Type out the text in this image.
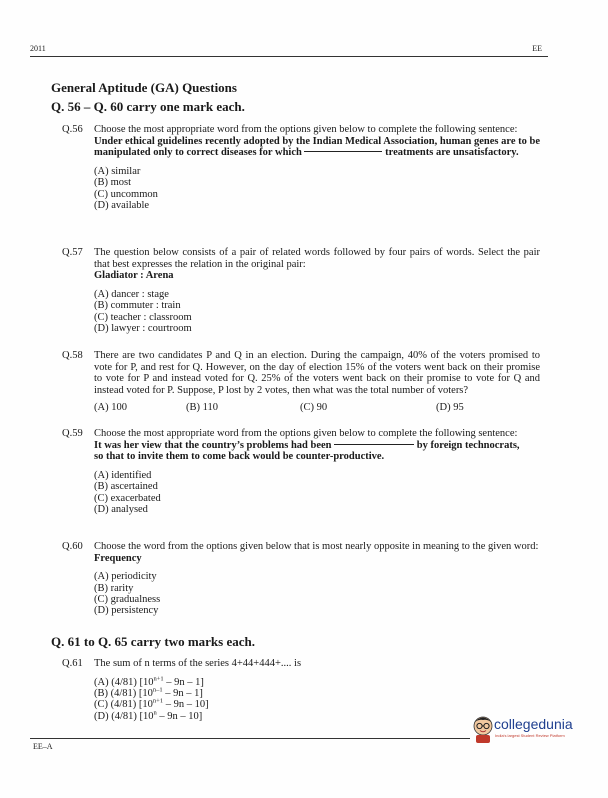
2011	EE
General Aptitude (GA) Questions
Q. 56 – Q. 60 carry one mark each.
Q.56 Choose the most appropriate word from the options given below to complete the following sentence:
Under ethical guidelines recently adopted by the Indian Medical Association, human genes are to be manipulated only to correct diseases for which	treatments are unsatisfactory.
(A) similar
(B) most
(C) uncommon
(D) available
Q.57 The question below consists of a pair of related words followed by four pairs of words. Select the pair that best expresses the relation in the original pair:
Gladiator : Arena
(A) dancer : stage
(B) commuter : train
(C) teacher : classroom
(D) lawyer : courtroom
Q.58 There are two candidates P and Q in an election. During the campaign, 40% of the voters promised to vote for P, and rest for Q. However, on the day of election 15% of the voters went back on their promise to vote for P and instead voted for Q. 25% of the voters went back on their promise to vote for Q and instead voted for P. Suppose, P lost by 2 votes, then what was the total number of voters?
(A) 100	(B) 110	(C) 90	(D) 95
Q.59 Choose the most appropriate word from the options given below to complete the following sentence:
It was her view that the country’s problems had been	by foreign technocrats,
so that to invite them to come back would be counter-productive.
(A) identified
(B) ascertained
(C) exacerbated
(D) analysed
Q.60 Choose the word from the options given below that is most nearly opposite in meaning to the given word:
Frequency
(A) periodicity
(B) rarity
(C) gradualness
(D) persistency
Q. 61 to Q. 65 carry two marks each.
Q.61 The sum of n terms of the series 4+44+444+.... is
(A) (4/81) $[10^{n+1} - 9n - 1]$
(B) (4/81) [10$^{n-1}$ – 9n – 1]
(C) (4/81) $[10^{n+1} - 9n - 10]$
(D) (4/81) [10$^n$ – 9n – 10]
EE–A
collegedunia
India's largest Student Review Platform
